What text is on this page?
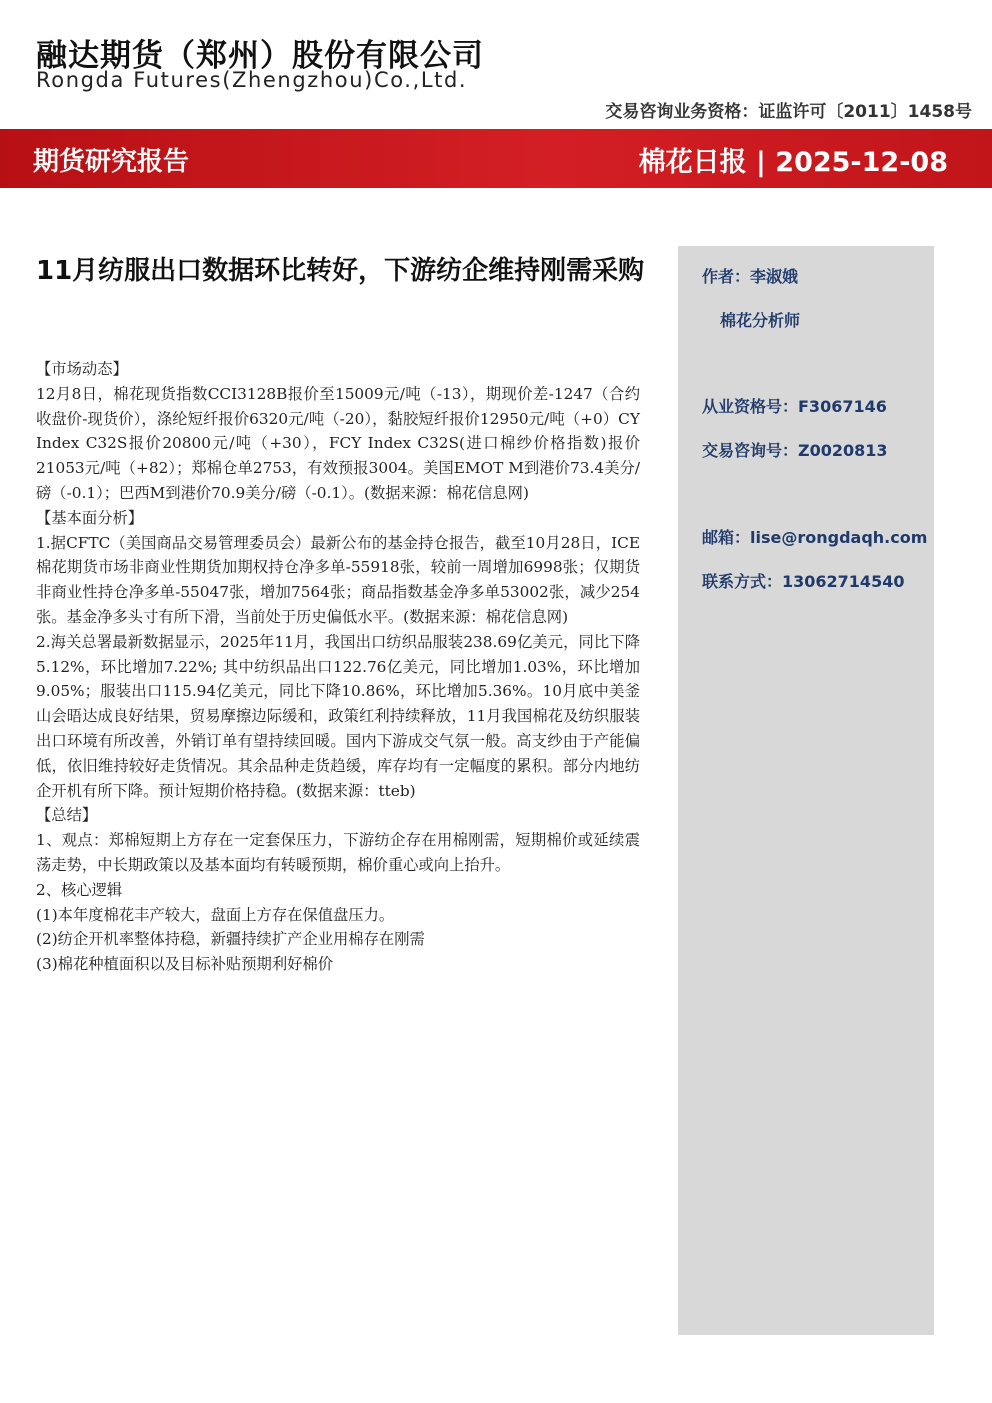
融达期货（郑州）股份有限公司
Rongda Futures(Zhengzhou)Co.,Ltd.
交易咨询业务资格：证监许可〔2011〕1458号
期货研究报告	棉花日报 | 2025-12-08
11月纺服出口数据环比转好，下游纺企维持刚需采购

【市场动态】

12月8日，棉花现货指数CCI3128B报价至15009元/吨（-13），期现价差-1247（合约收盘价-现货价），涤纶短纤报价6320元/吨（-20），黏胶短纤报价12950元/吨（+0）CY Index C32S报价20800元/吨（+30），FCY Index C32S(进口棉纱价格指数)报价21053元/吨（+82）；郑棉仓单2753，有效预报3004。美国EMOT M到港价73.4美分/磅（-0.1）；巴西M到港价70.9美分/磅（-0.1）。(数据来源：棉花信息网)

【基本面分析】

1.据CFTC（美国商品交易管理委员会）最新公布的基金持仓报告，截至10月28日，ICE棉花期货市场非商业性期货加期权持仓净多单-55918张，较前一周增加6998张；仅期货非商业性持仓净多单-55047张，增加7564张；商品指数基金净多单53002张，减少254张。基金净多头寸有所下滑，当前处于历史偏低水平。(数据来源：棉花信息网)

2.海关总署最新数据显示，2025年11月，我国出口纺织品服装238.69亿美元，同比下降5.12%，环比增加7.22%; 其中纺织品出口122.76亿美元，同比增加1.03%，环比增加9.05%；服装出口115.94亿美元，同比下降10.86%，环比增加5.36%。10月底中美釜山会晤达成良好结果，贸易摩擦边际缓和，政策红利持续释放，11月我国棉花及纺织服装出口环境有所改善，外销订单有望持续回暖。国内下游成交气氛一般。高支纱由于产能偏低，依旧维持较好走货情况。其余品种走货趋缓，库存均有一定幅度的累积。部分内地纺企开机有所下降。预计短期价格持稳。(数据来源：tteb)

【总结】

1、观点：郑棉短期上方存在一定套保压力，下游纺企存在用棉刚需，短期棉价或延续震荡走势，中长期政策以及基本面均有转暖预期，棉价重心或向上抬升。

2、核心逻辑

(1)本年度棉花丰产较大，盘面上方存在保值盘压力。

(2)纺企开机率整体持稳，新疆持续扩产企业用棉存在刚需

(3)棉花种植面积以及目标补贴预期利好棉价

作者：李淑娥
棉花分析师
从业资格号：F3067146
交易咨询号：Z0020813
邮箱：lise@rongdaqh.com
联系方式：13062714540
